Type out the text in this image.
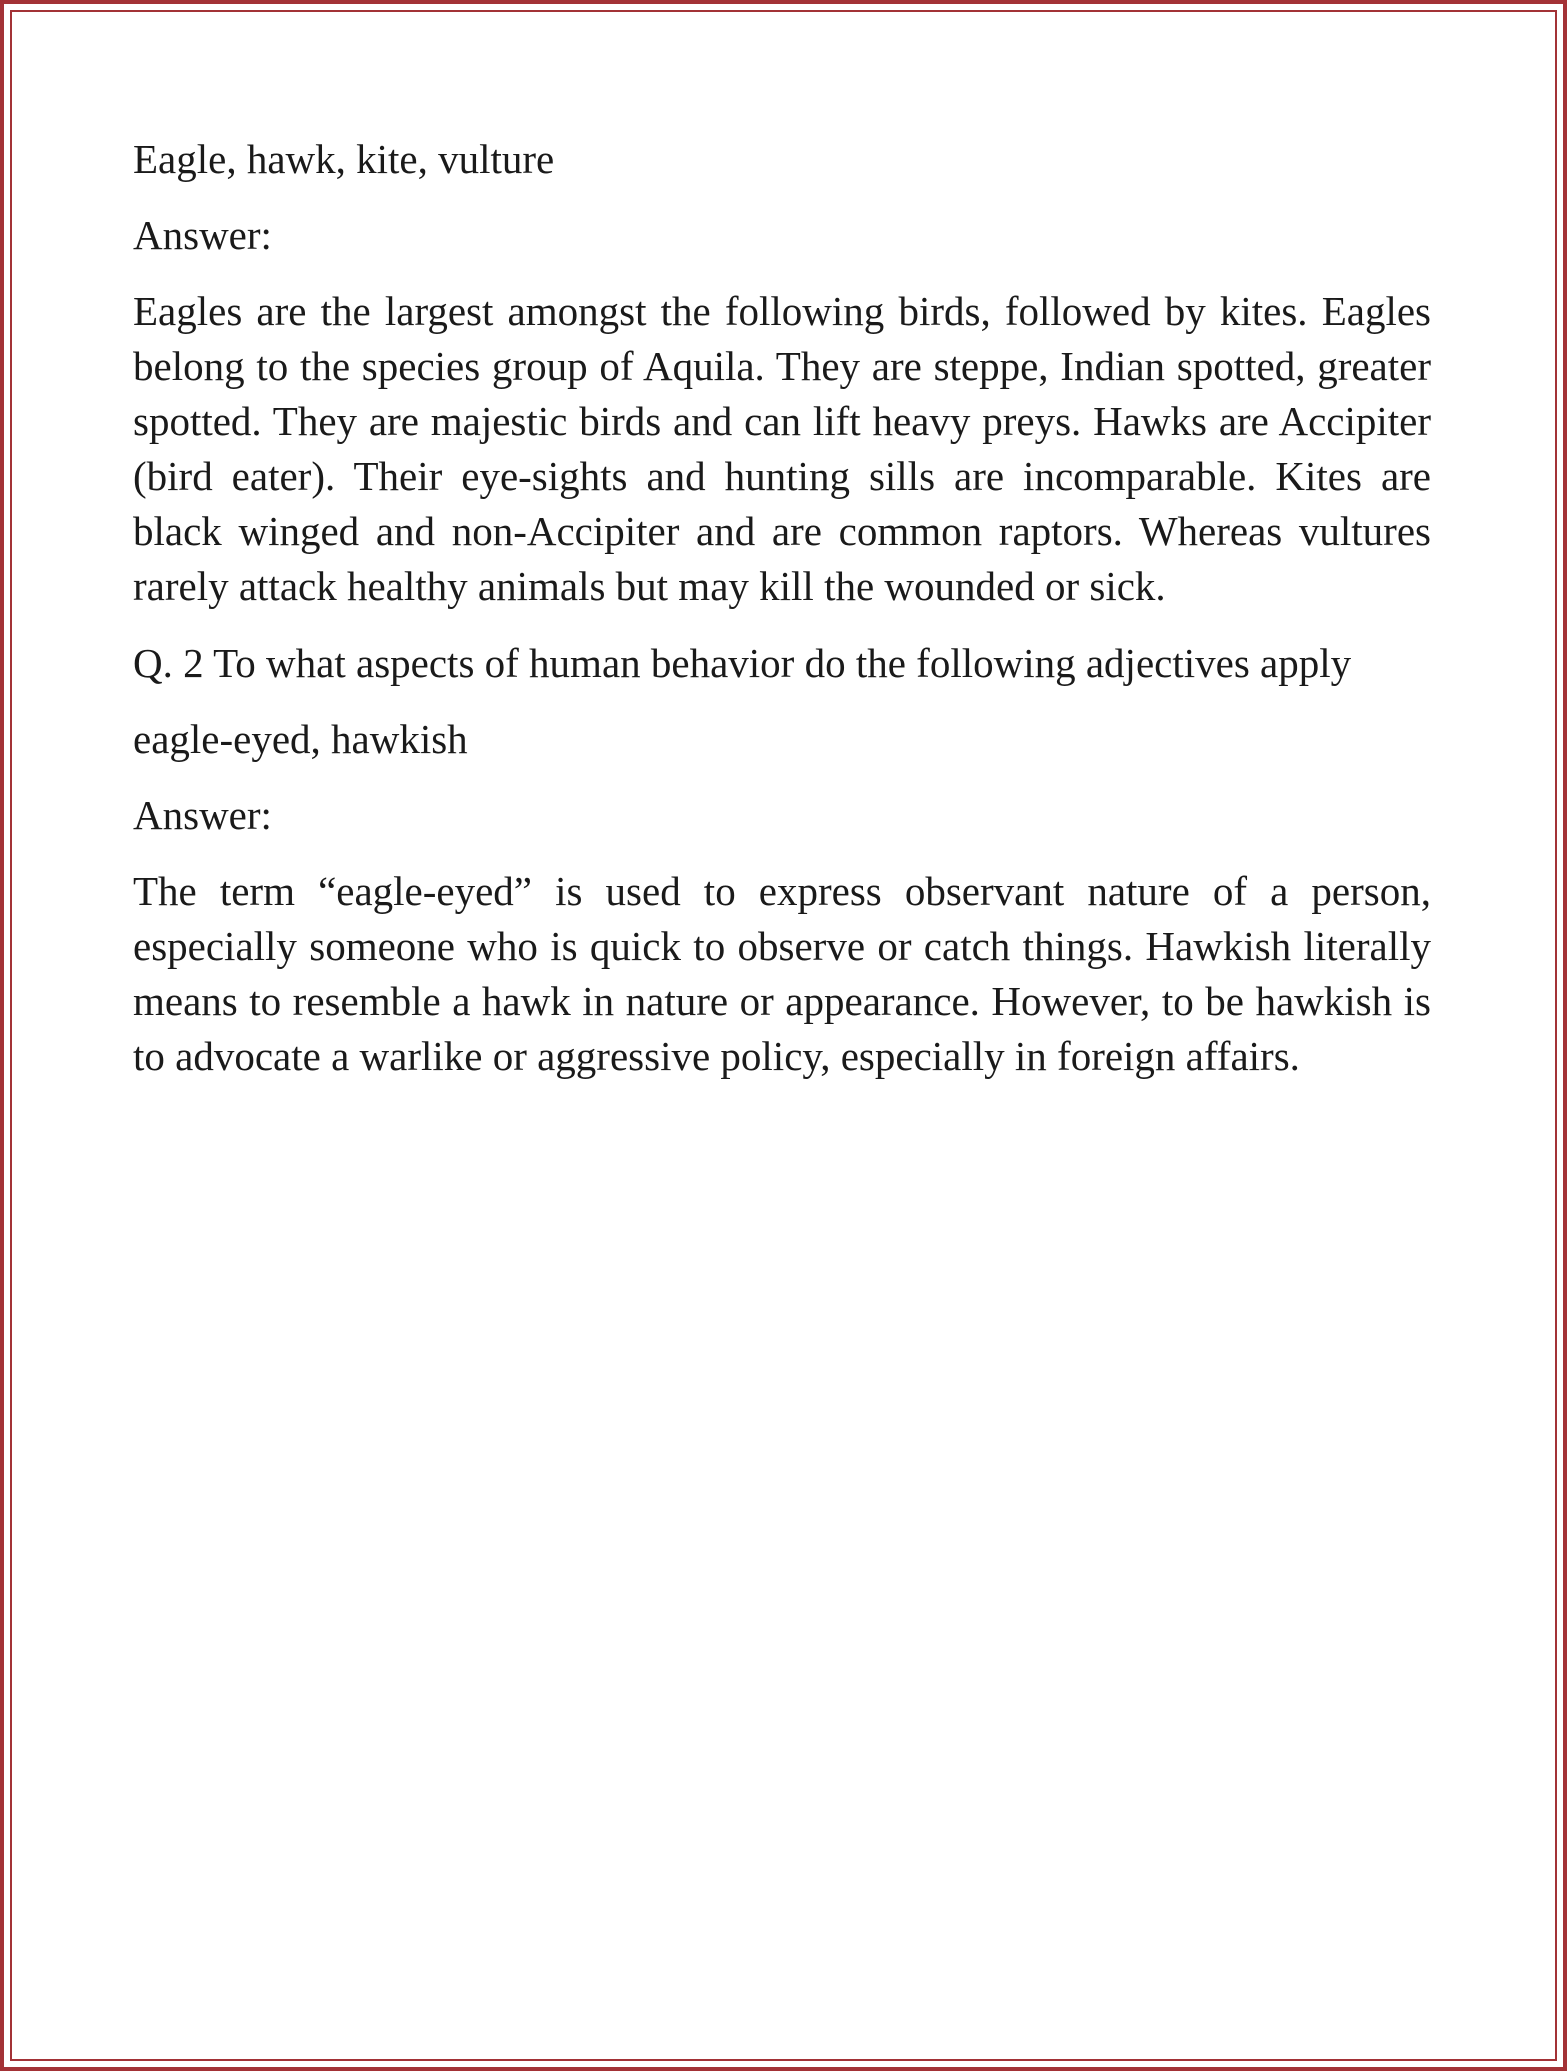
Eagle, hawk, kite, vulture

Answer:

Eagles are the largest amongst the following birds, followed by kites. Eagles belong to the species group of Aquila. They are steppe, Indian spotted, greater spotted. They are majestic birds and can lift heavy preys. Hawks are Accipiter (bird eater). Their eye-sights and hunting sills are incomparable. Kites are black winged and non-Accipiter and are common raptors. Whereas vultures rarely attack healthy animals but may kill the wounded or sick.

Q. 2 To what aspects of human behavior do the following adjectives apply

eagle-eyed, hawkish

Answer:

The term “eagle-eyed” is used to express observant nature of a person, especially someone who is quick to observe or catch things. Hawkish literally means to resemble a hawk in nature or appearance. However, to be hawkish is to advocate a warlike or aggressive policy, especially in foreign affairs.
